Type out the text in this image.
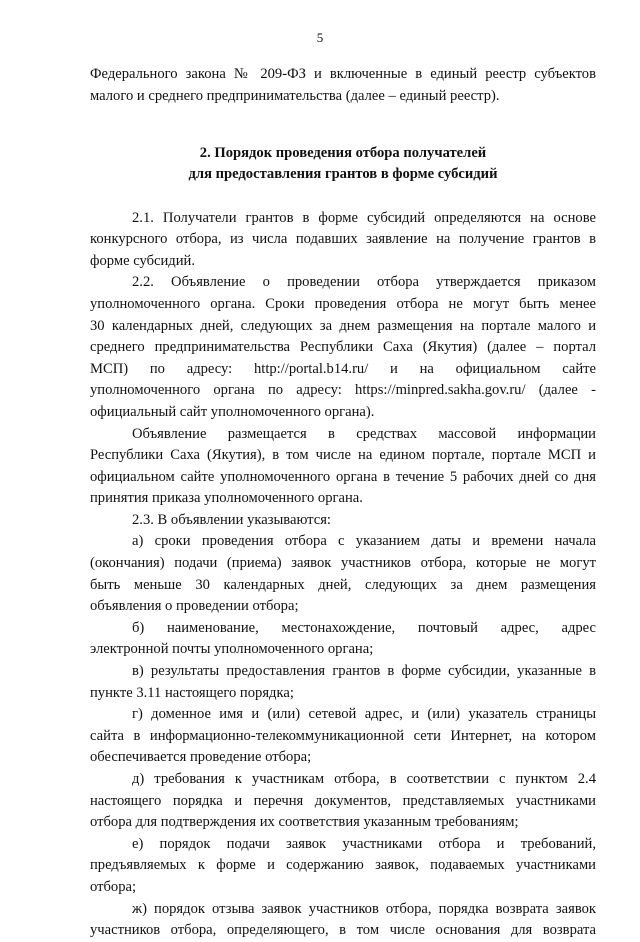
5
Федерального закона № 209-ФЗ и включенные в единый реестр субъектов
малого и среднего предпринимательства (далее – единый реестр).
2. Порядок проведения отбора получателей
для предоставления грантов в форме субсидий
2.1. Получатели грантов в форме субсидий определяются на основе
конкурсного отбора, из числа подавших заявление на получение грантов в
форме субсидий.
2.2. Объявление о проведении отбора утверждается приказом
уполномоченного органа. Сроки проведения отбора не могут быть менее
30 календарных дней, следующих за днем размещения на портале малого и
среднего предпринимательства Республики Саха (Якутия) (далее – портал
МСП) по адресу: http://portal.b14.ru/ и на официальном сайте
уполномоченного органа по адресу: https://minpred.sakha.gov.ru/ (далее -
официальный сайт уполномоченного органа).
Объявление размещается в средствах массовой информации
Республики Саха (Якутия), в том числе на едином портале, портале МСП и
официальном сайте уполномоченного органа в течение 5 рабочих дней со дня
принятия приказа уполномоченного органа.
2.3. В объявлении указываются:
а) сроки проведения отбора с указанием даты и времени начала
(окончания) подачи (приема) заявок участников отбора, которые не могут
быть меньше 30 календарных дней, следующих за днем размещения
объявления о проведении отбора;
б) наименование, местонахождение, почтовый адрес, адрес
электронной почты уполномоченного органа;
в) результаты предоставления грантов в форме субсидии, указанные в
пункте 3.11 настоящего порядка;
г) доменное имя и (или) сетевой адрес, и (или) указатель страницы
сайта в информационно-телекоммуникационной сети Интернет, на котором
обеспечивается проведение отбора;
д) требования к участникам отбора, в соответствии с пунктом 2.4
настоящего порядка и перечня документов, представляемых участниками
отбора для подтверждения их соответствия указанным требованиям;
е) порядок подачи заявок участниками отбора и требований,
предъявляемых к форме и содержанию заявок, подаваемых участниками
отбора;
ж) порядок отзыва заявок участников отбора, порядка возврата заявок
участников отбора, определяющего, в том числе основания для возврата
